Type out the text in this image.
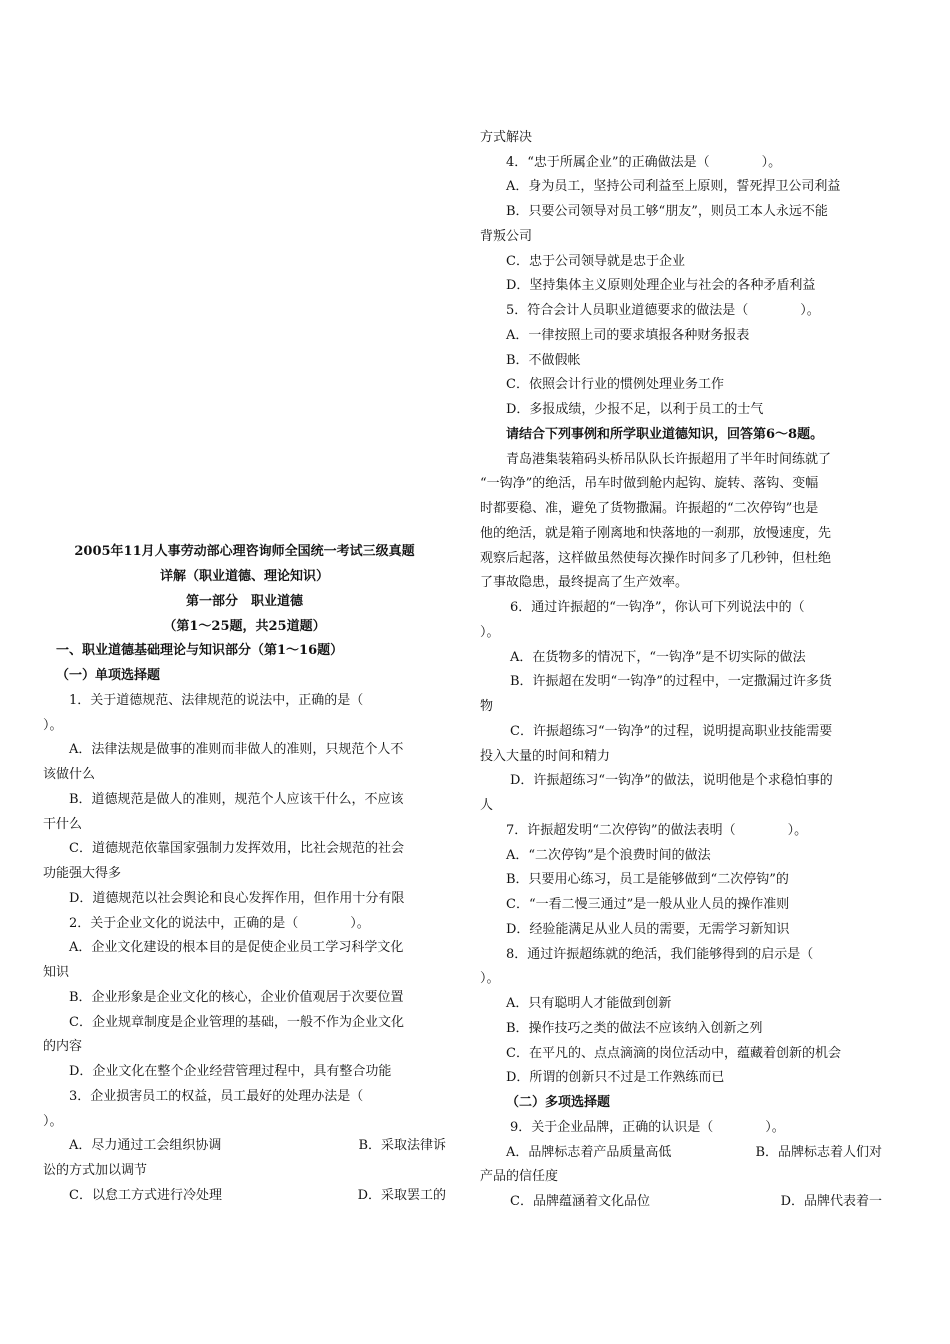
2005年11月人事劳动部心理咨询师全国统一考试三级真题
详解（职业道德、理论知识）
第一部分　职业道德
（第1～25题，共25道题）
一、职业道德基础理论与知识部分（第1～16题）
（一）单项选择题
1．关于道德规范、法律规范的说法中，正确的是（
）。
A．法律法规是做事的准则而非做人的准则，只规范个人不
该做什么
B．道德规范是做人的准则，规范个人应该干什么，不应该
干什么
C．道德规范依靠国家强制力发挥效用，比社会规范的社会
功能强大得多
D．道德规范以社会舆论和良心发挥作用，但作用十分有限
2．关于企业文化的说法中，正确的是（　　　　）。
A．企业文化建设的根本目的是促使企业员工学习科学文化
知识
B．企业形象是企业文化的核心，企业价值观居于次要位置
C．企业规章制度是企业管理的基础，一般不作为企业文化
的内容
D．企业文化在整个企业经营管理过程中，具有整合功能
3．企业损害员工的权益，员工最好的处理办法是（
）。
A．尽力通过工会组织协调	B．采取法律诉
讼的方式加以调节
C．以怠工方式进行冷处理	D．采取罢工的
方式解决
4．“忠于所属企业”的正确做法是（　　　　）。
A．身为员工，坚持公司利益至上原则，誓死捍卫公司利益
B．只要公司领导对员工够“朋友”，则员工本人永远不能
背叛公司
C．忠于公司领导就是忠于企业
D．坚持集体主义原则处理企业与社会的各种矛盾利益
5．符合会计人员职业道德要求的做法是（　　　　）。
A．一律按照上司的要求填报各种财务报表
B．不做假帐
C．依照会计行业的惯例处理业务工作
D．多报成绩，少报不足，以利于员工的士气
请结合下列事例和所学职业道德知识，回答第6～8题。
青岛港集装箱码头桥吊队队长许振超用了半年时间练就了
“一钩净”的绝活，吊车时做到舱内起钩、旋转、落钩、变幅
时都要稳、准，避免了货物撒漏。许振超的“二次停钩”也是
他的绝活，就是箱子刚离地和快落地的一刹那，放慢速度，先
观察后起落，这样做虽然使每次操作时间多了几秒钟，但杜绝
了事故隐患，最终提高了生产效率。
6．通过许振超的“一钩净”，你认可下列说法中的（
）。
A．在货物多的情况下，“一钩净”是不切实际的做法
B．许振超在发明“一钩净”的过程中，一定撒漏过许多货
物
C．许振超练习“一钩净”的过程，说明提高职业技能需要
投入大量的时间和精力
D．许振超练习“一钩净”的做法，说明他是个求稳怕事的
人
7．许振超发明“二次停钩”的做法表明（　　　　）。
A．“二次停钩”是个浪费时间的做法
B．只要用心练习，员工是能够做到“二次停钩”的
C．“一看二慢三通过”是一般从业人员的操作准则
D．经验能满足从业人员的需要，无需学习新知识
8．通过许振超练就的绝活，我们能够得到的启示是（
）。
A．只有聪明人才能做到创新
B．操作技巧之类的做法不应该纳入创新之列
C．在平凡的、点点滴滴的岗位活动中，蕴藏着创新的机会
D．所谓的创新只不过是工作熟练而已
（二）多项选择题
9．关于企业品牌，正确的认识是（　　　　）。
A．品牌标志着产品质量高低	B．品牌标志着人们对
产品的信任度
C．品牌蕴涵着文化品位	D．品牌代表着一
